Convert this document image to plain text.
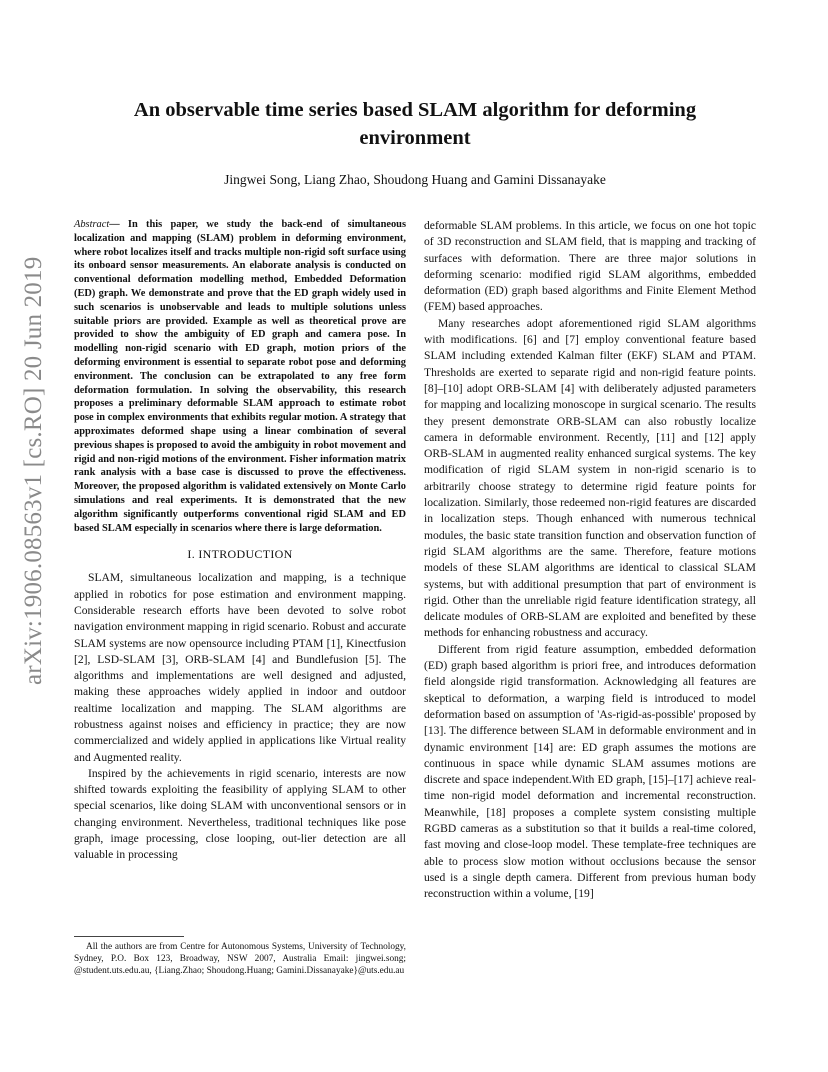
arXiv:1906.08563v1 [cs.RO] 20 Jun 2019
An observable time series based SLAM algorithm for deforming environment
Jingwei Song, Liang Zhao, Shoudong Huang and Gamini Dissanayake

Abstract— In this paper, we study the back-end of simultaneous localization and mapping (SLAM) problem in deforming environment, where robot localizes itself and tracks multiple non-rigid soft surface using its onboard sensor measurements. An elaborate analysis is conducted on conventional deformation modelling method, Embedded Deformation (ED) graph. We demonstrate and prove that the ED graph widely used in such scenarios is unobservable and leads to multiple solutions unless suitable priors are provided. Example as well as theoretical prove are provided to show the ambiguity of ED graph and camera pose. In modelling non-rigid scenario with ED graph, motion priors of the deforming environment is essential to separate robot pose and deforming environment. The conclusion can be extrapolated to any free form deformation formulation. In solving the observability, this research proposes a preliminary deformable SLAM approach to estimate robot pose in complex environments that exhibits regular motion. A strategy that approximates deformed shape using a linear combination of several previous shapes is proposed to avoid the ambiguity in robot movement and rigid and non-rigid motions of the environment. Fisher information matrix rank analysis with a base case is discussed to prove the effectiveness. Moreover, the proposed algorithm is validated extensively on Monte Carlo simulations and real experiments. It is demonstrated that the new algorithm significantly outperforms conventional rigid SLAM and ED based SLAM especially in scenarios where there is large deformation.

I. INTRODUCTION

SLAM, simultaneous localization and mapping, is a technique applied in robotics for pose estimation and environment mapping. Considerable research efforts have been devoted to solve robot navigation environment mapping in rigid scenario. Robust and accurate SLAM systems are now opensource including PTAM [1], Kinectfusion [2], LSD-SLAM [3], ORB-SLAM [4] and Bundlefusion [5]. The algorithms and implementations are well designed and adjusted, making these approaches widely applied in indoor and outdoor realtime localization and mapping. The SLAM algorithms are robustness against noises and efficiency in practice; they are now commercialized and widely applied in applications like Virtual reality and Augmented reality.

Inspired by the achievements in rigid scenario, interests are now shifted towards exploiting the feasibility of applying SLAM to other special scenarios, like doing SLAM with unconventional sensors or in changing environment. Nevertheless, traditional techniques like pose graph, image processing, close looping, out-lier detection are all valuable in processing

All the authors are from Centre for Autonomous Systems, University of Technology, Sydney, P.O. Box 123, Broadway, NSW 2007, Australia Email: jingwei.song; @student.uts.edu.au, {Liang.Zhao; Shoudong.Huang; Gamini.Dissanayake}@uts.edu.au

deformable SLAM problems. In this article, we focus on one hot topic of 3D reconstruction and SLAM field, that is mapping and tracking of surfaces with deformation. There are three major solutions in deforming scenario: modified rigid SLAM algorithms, embedded deformation (ED) graph based algorithms and Finite Element Method (FEM) based approaches.

Many researches adopt aforementioned rigid SLAM algorithms with modifications. [6] and [7] employ conventional feature based SLAM including extended Kalman filter (EKF) SLAM and PTAM. Thresholds are exerted to separate rigid and non-rigid feature points. [8]–[10] adopt ORB-SLAM [4] with deliberately adjusted parameters for mapping and localizing monoscope in surgical scenario. The results they present demonstrate ORB-SLAM can also robustly localize camera in deformable environment. Recently, [11] and [12] apply ORB-SLAM in augmented reality enhanced surgical systems. The key modification of rigid SLAM system in non-rigid scenario is to arbitrarily choose strategy to determine rigid feature points for localization. Similarly, those redeemed non-rigid features are discarded in localization steps. Though enhanced with numerous technical modules, the basic state transition function and observation function of rigid SLAM algorithms are the same. Therefore, feature motions models of these SLAM algorithms are identical to classical SLAM systems, but with additional presumption that part of environment is rigid. Other than the unreliable rigid feature identification strategy, all delicate modules of ORB-SLAM are exploited and benefited by these methods for enhancing robustness and accuracy.

Different from rigid feature assumption, embedded deformation (ED) graph based algorithm is priori free, and introduces deformation field alongside rigid transformation. Acknowledging all features are skeptical to deformation, a warping field is introduced to model deformation based on assumption of 'As-rigid-as-possible' proposed by [13]. The difference between SLAM in deformable environment and in dynamic environment [14] are: ED graph assumes the motions are continuous in space while dynamic SLAM assumes motions are discrete and space independent.With ED graph, [15]–[17] achieve real-time non-rigid model deformation and incremental reconstruction. Meanwhile, [18] proposes a complete system consisting multiple RGBD cameras as a substitution so that it builds a real-time colored, fast moving and close-loop model. These template-free techniques are able to process slow motion without occlusions because the sensor used is a single depth camera. Different from previous human body reconstruction within a volume, [19]
